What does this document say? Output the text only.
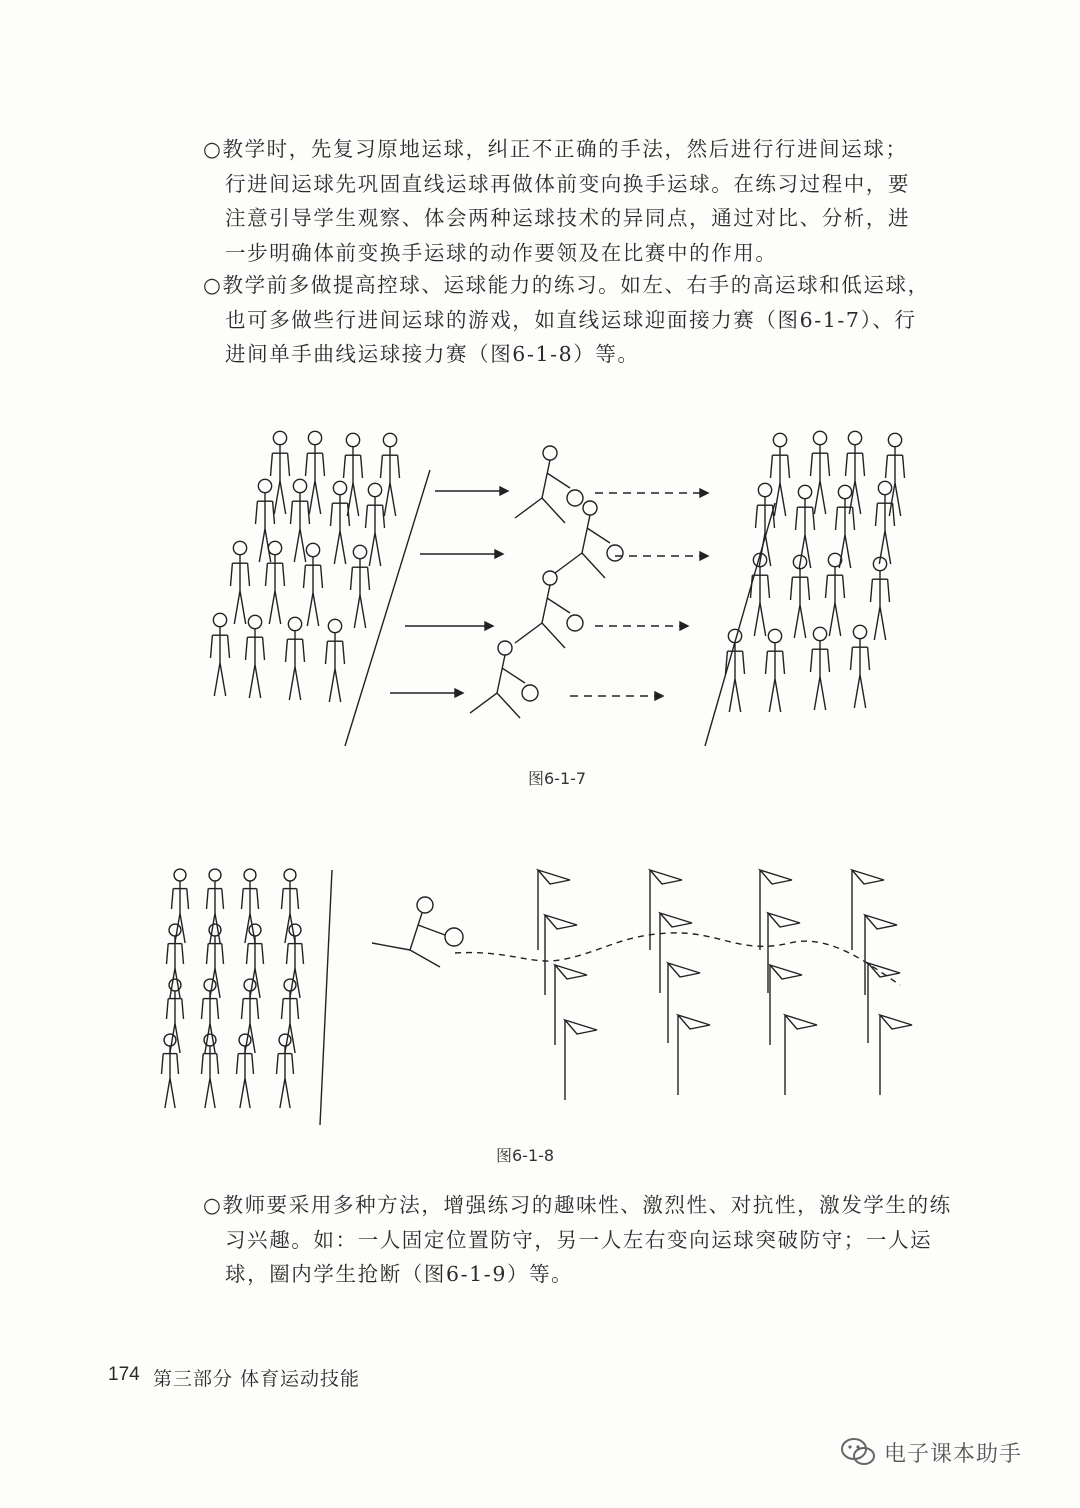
○教学时，先复习原地运球，纠正不正确的手法，然后进行行进间运球；
行进间运球先巩固直线运球再做体前变向换手运球。在练习过程中，要
注意引导学生观察、体会两种运球技术的异同点，通过对比、分析，进
一步明确体前变换手运球的动作要领及在比赛中的作用。
○教学前多做提高控球、运球能力的练习。如左、右手的高运球和低运球，
也可多做些行进间运球的游戏，如直线运球迎面接力赛（图6-1-7）、行
进间单手曲线运球接力赛（图6-1-8）等。
图6-1-7
图6-1-8
○教师要采用多种方法，增强练习的趣味性、激烈性、对抗性，激发学生的练
习兴趣。如：一人固定位置防守，另一人左右变向运球突破防守；一人运
球，圈内学生抢断（图6-1-9）等。
174 第三部分 体育运动技能
电子课本助手
